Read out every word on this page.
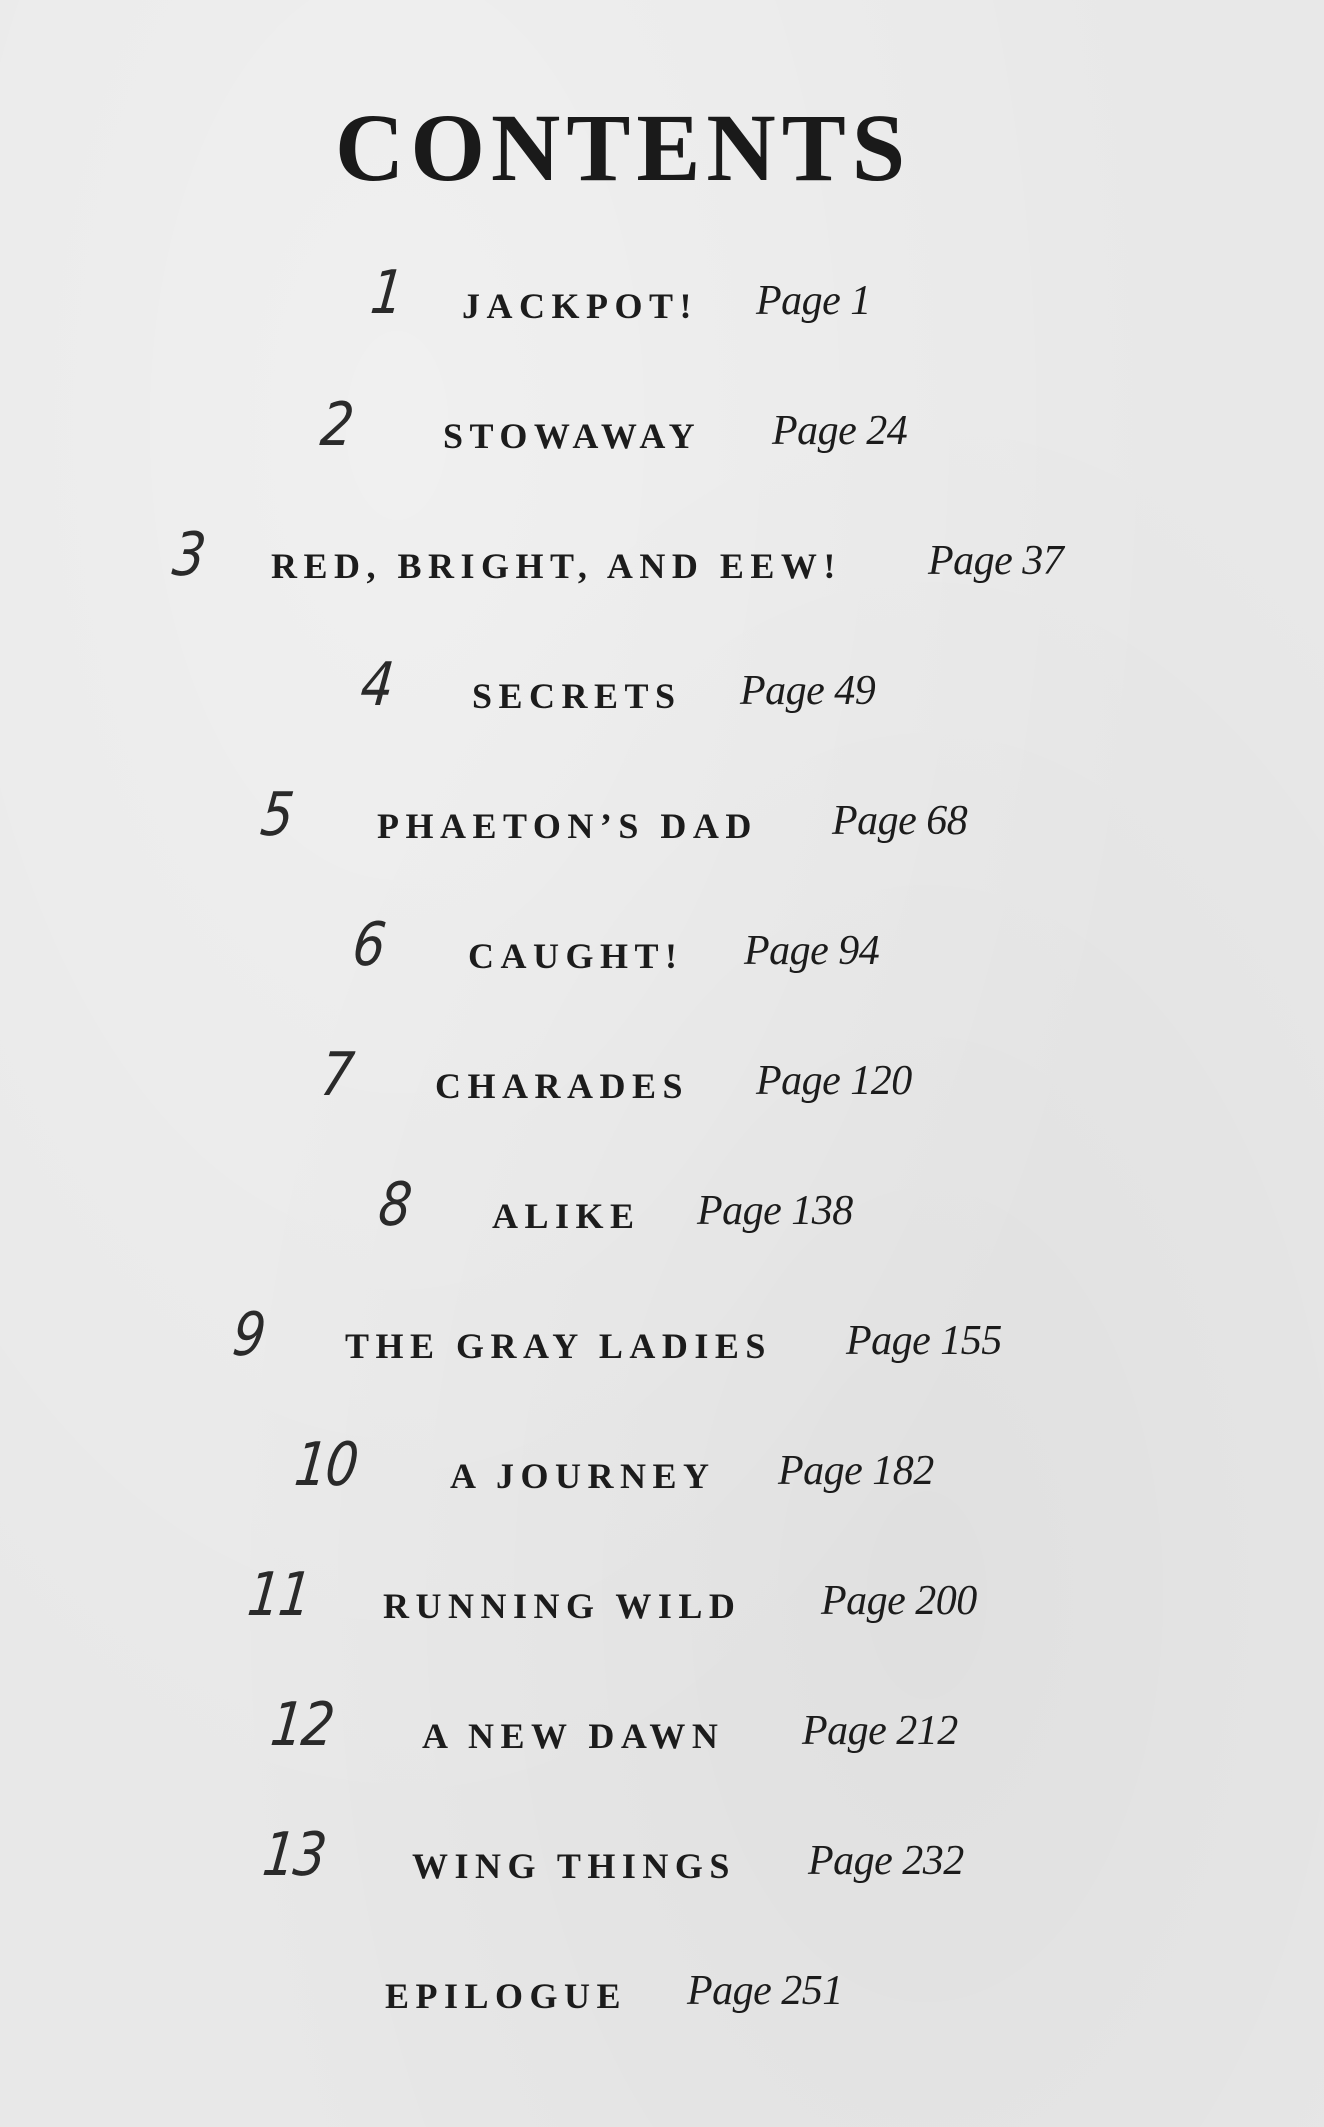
CONTENTS
1 JACKPOT! Page 1
2 STOWAWAY Page 24
3 RED, BRIGHT, AND EEW! Page 37
4 SECRETS Page 49
5 PHAETON’S DAD Page 68
6 CAUGHT! Page 94
7 CHARADES Page 120
8 ALIKE Page 138
9 THE GRAY LADIES Page 155
10 A JOURNEY Page 182
11 RUNNING WILD Page 200
12 A NEW DAWN Page 212
13 WING THINGS Page 232
EPILOGUE Page 251
